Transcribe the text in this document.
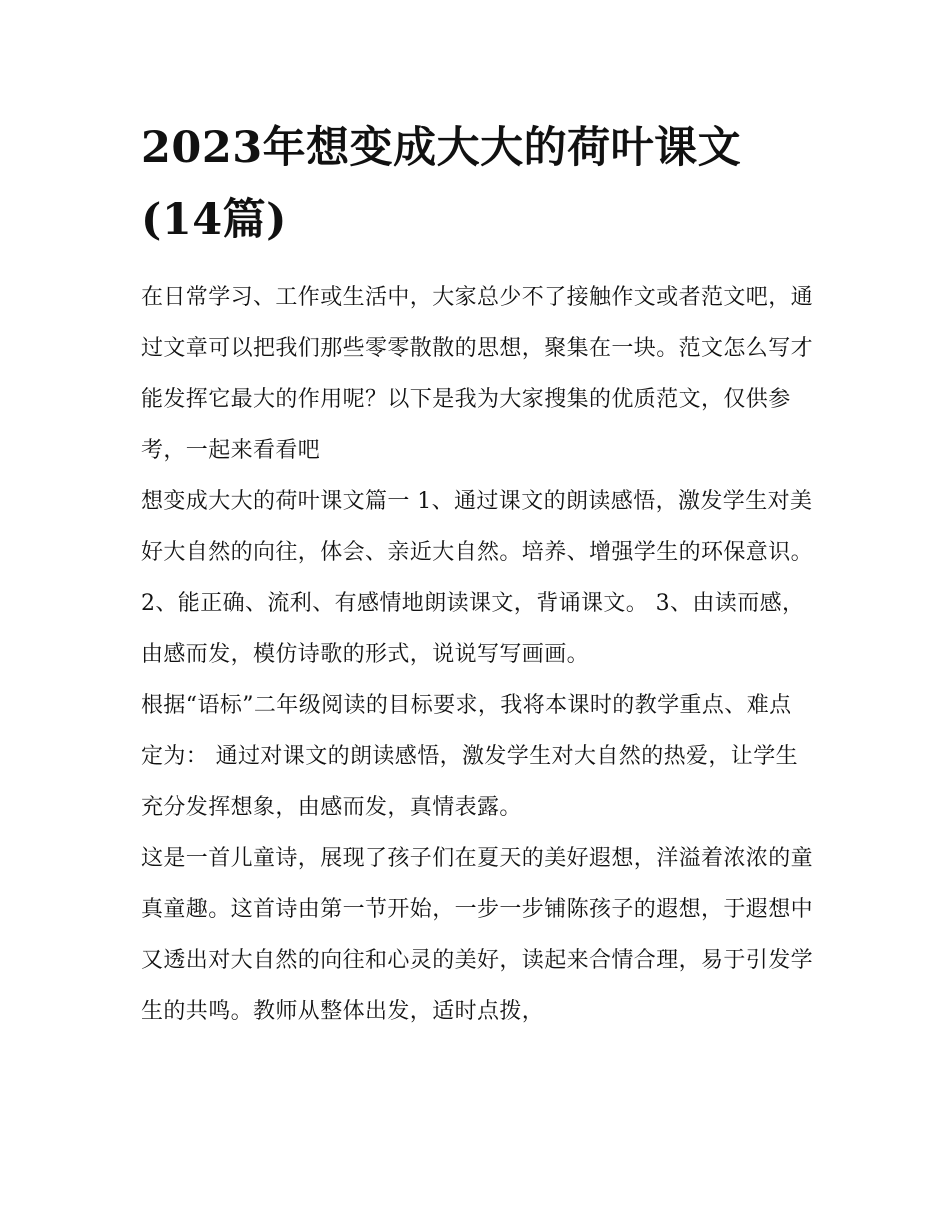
2023年想变成大大的荷叶课文
(14篇)

在日常学习、工作或生活中，大家总少不了接触作文或者范文吧，通过文章可以把我们那些零零散散的思想，聚集在一块。范文怎么写才能发挥它最大的作用呢？以下是我为大家搜集的优质范文，仅供参考，一起来看看吧

想变成大大的荷叶课文篇一 1、通过课文的朗读感悟，激发学生对美好大自然的向往，体会、亲近大自然。培养、增强学生的环保意识。

2、能正确、流利、有感情地朗读课文，背诵课文。 3、由读而感，由感而发，模仿诗歌的形式，说说写写画画。

根据“语标”二年级阅读的目标要求，我将本课时的教学重点、难点定为： 通过对课文的朗读感悟，激发学生对大自然的热爱，让学生充分发挥想象，由感而发，真情表露。

这是一首儿童诗，展现了孩子们在夏天的美好遐想，洋溢着浓浓的童真童趣。这首诗由第一节开始，一步一步铺陈孩子的遐想，于遐想中又透出对大自然的向往和心灵的美好，读起来合情合理，易于引发学生的共鸣。教师从整体出发，适时点拨，
